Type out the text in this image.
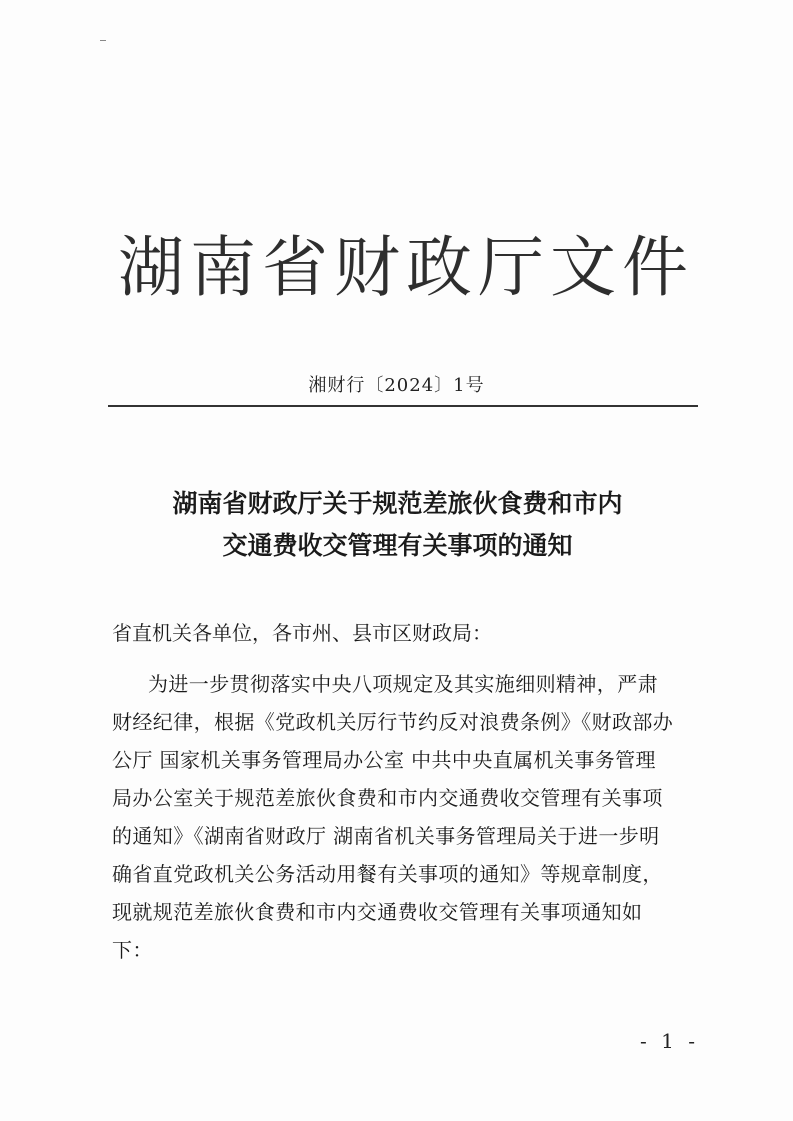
湖南省财政厅文件
湘财行〔2024〕1号
湖南省财政厅关于规范差旅伙食费和市内
交通费收交管理有关事项的通知
省直机关各单位，各市州、县市区财政局：
为进一步贯彻落实中央八项规定及其实施细则精神，严肃
财经纪律，根据《党政机关厉行节约反对浪费条例》《财政部办
公厅 国家机关事务管理局办公室 中共中央直属机关事务管理
局办公室关于规范差旅伙食费和市内交通费收交管理有关事项
的通知》《湖南省财政厅 湖南省机关事务管理局关于进一步明
确省直党政机关公务活动用餐有关事项的通知》等规章制度，
现就规范差旅伙食费和市内交通费收交管理有关事项通知如
下：
- 1 -
